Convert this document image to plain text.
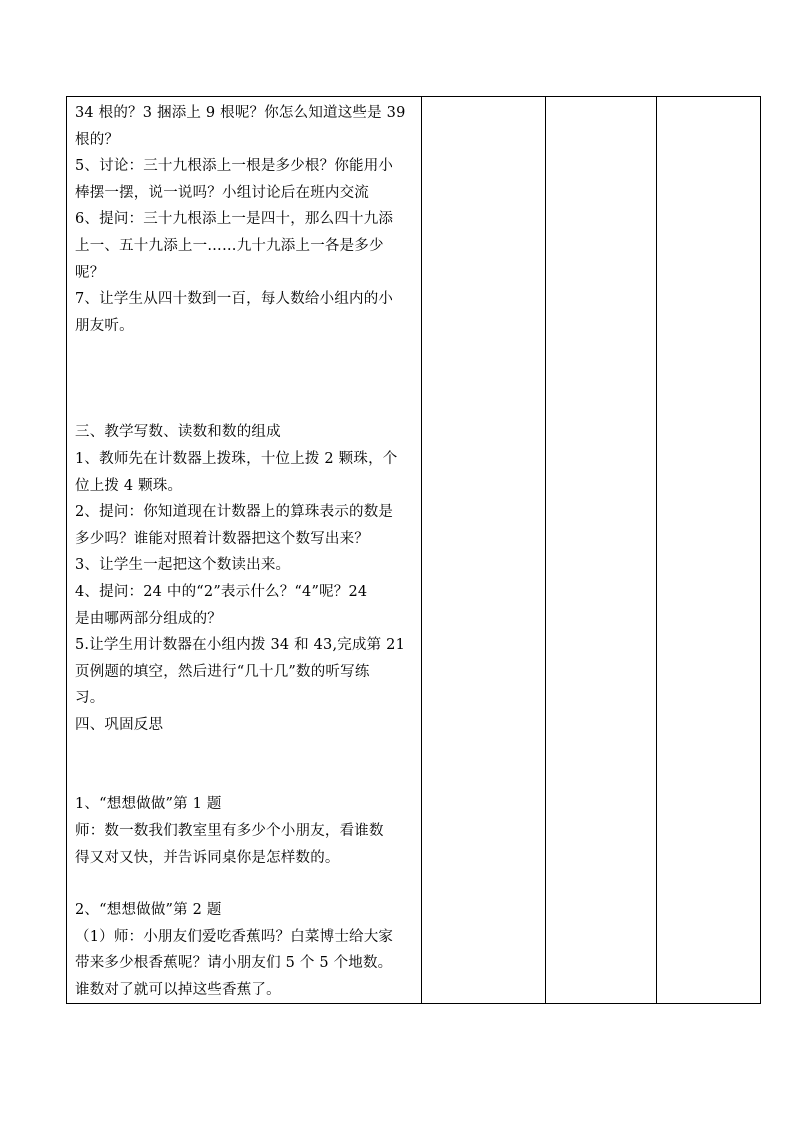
34 根的？3 捆添上 9 根呢？你怎么知道这些是 39
根的？
5、讨论：三十九根添上一根是多少根？你能用小
棒摆一摆，说一说吗？小组讨论后在班内交流
6、提问：三十九根添上一是四十，那么四十九添
上一、五十九添上一……九十九添上一各是多少
呢？
7、让学生从四十数到一百，每人数给小组内的小
朋友听。
三、教学写数、读数和数的组成
1、教师先在计数器上拨珠，十位上拨 2 颗珠，个
位上拨 4 颗珠。
2、提问：你知道现在计数器上的算珠表示的数是
多少吗？谁能对照着计数器把这个数写出来？
3、让学生一起把这个数读出来。
4、提问：24 中的“2”表示什么？“4”呢？24
是由哪两部分组成的？
5.让学生用计数器在小组内拨 34 和 43,完成第 21
页例题的填空，然后进行“几十几”数的听写练
习。
四、巩固反思
1、“想想做做”第 1 题
师：数一数我们教室里有多少个小朋友，看谁数
得又对又快，并告诉同桌你是怎样数的。
2、“想想做做”第 2 题
（1）师：小朋友们爱吃香蕉吗？白菜博士给大家
带来多少根香蕉呢？请小朋友们 5 个 5 个地数。
谁数对了就可以掉这些香蕉了。
